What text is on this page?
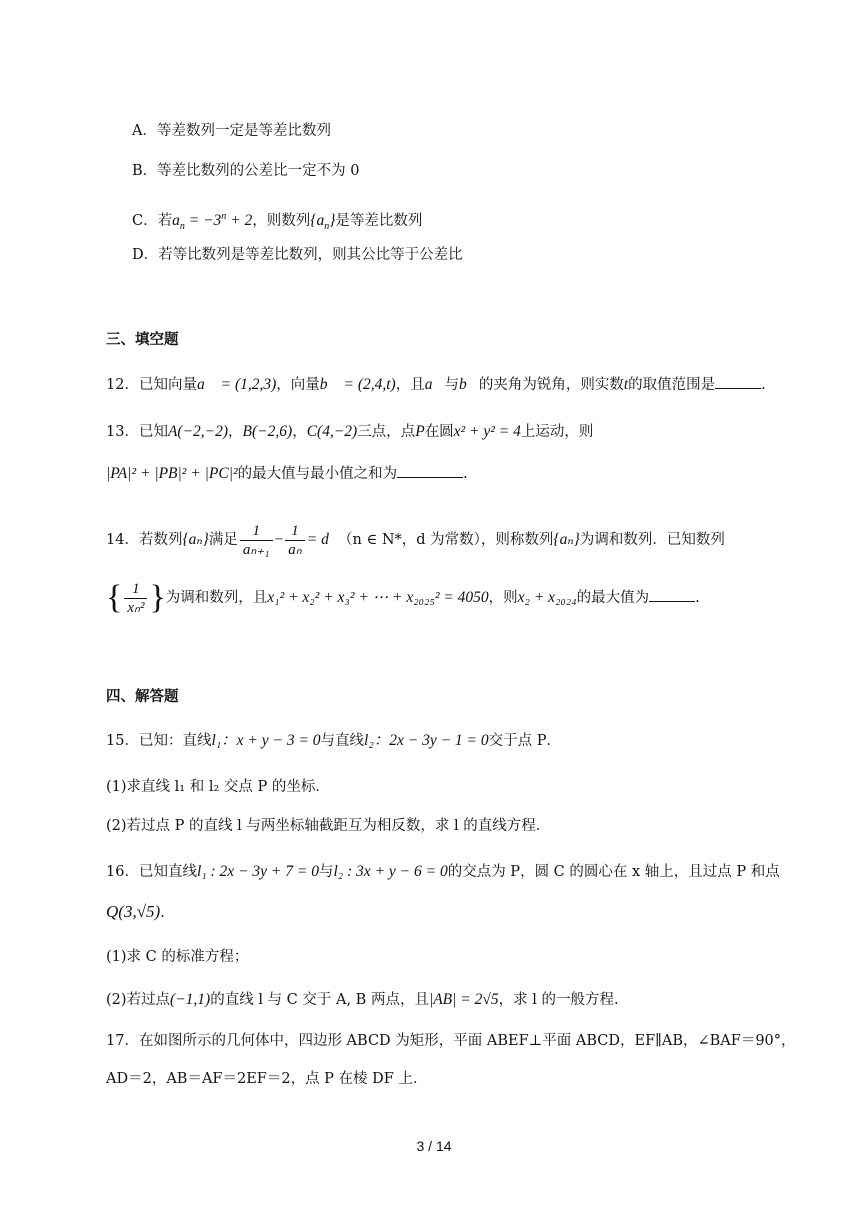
A．等差数列一定是等差比数列
B．等差比数列的公差比一定不为 0
C．若$a_n = -3^n + 2$，则数列$\{a_n\}$是等差比数列
D．若等比数列是等差比数列，则其公比等于公差比
三、填空题
12．已知向量a⃗ = (1,2,3)，向量b⃗ = (2,4,t)，且a⃗与b⃗的夹角为锐角，则实数t的取值范围是	.
13．已知A(−2,−2)，B(−2,6)，C(4,−2)三点，点P在圆x² + y² = 4上运动，则
|PA|² + |PB|² + |PC|²的最大值与最小值之和为	.
14．若数列{aₙ}满足 $\frac{1}{\text{aₙ₊₁}} - \frac{1}{\text{aₙ}} = d$ （n ∈ N*，d 为常数），则称数列{aₙ}为调和数列．已知数列
{ $\frac{1}{\text{xₙ²}}$ }为调和数列，且x₁² + x₂² + x₃² + ⋯ + x₂₀₂₅² = 4050，则x₂ + x₂₀₂₄的最大值为	.
四、解答题
15．已知：直线l₁：x + y − 3 = 0与直线l₂：2x − 3y − 1 = 0交于点 P．
(1)求直线 l₁ 和 l₂ 交点 P 的坐标．
(2)若过点 P 的直线 l 与两坐标轴截距互为相反数，求 l 的直线方程．
16．已知直线l₁ : 2x − 3y + 7 = 0与l₂ : 3x + y − 6 = 0的交点为 P，圆 C 的圆心在 x 轴上，且过点 P 和点
Q(3,√5).
(1)求 C 的标准方程；
(2)若过点(−1,1)的直线 l 与 C 交于 A, B 两点，且|AB| = 2√5，求 l 的一般方程.
17．在如图所示的几何体中，四边形 ABCD 为矩形，平面 ABEF⊥平面 ABCD，EF∥AB，∠BAF＝90°，
AD＝2，AB＝AF＝2EF＝2，点 P 在棱 DF 上．
3 / 14
